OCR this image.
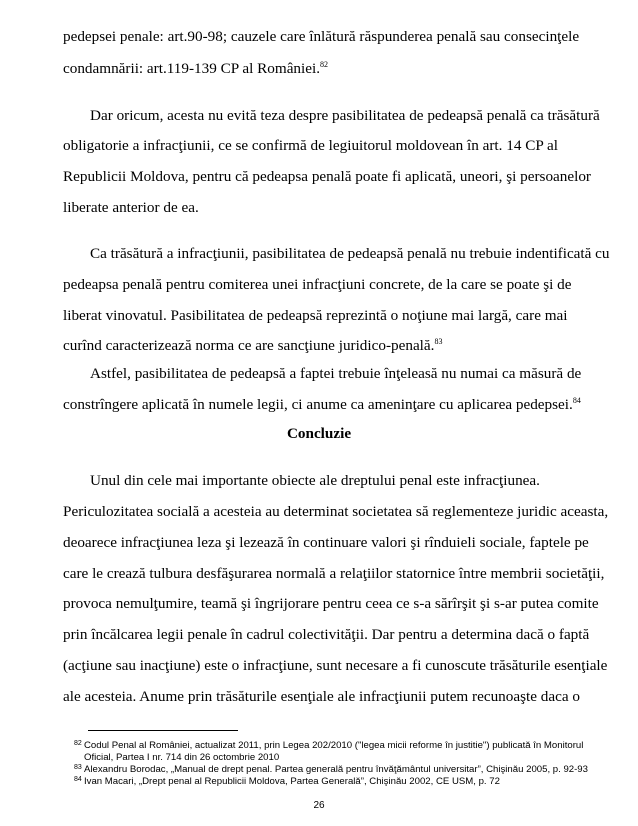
pedepsei penale: art.90-98; cauzele care înlătură răspunderea penală sau consecinţele
condamnării: art.119-139 CP al României.$^{82}$
Dar oricum, acesta nu evită teza despre pasibilitatea de pedeapsă penală ca trăsătură
obligatorie a infracţiunii, ce se confirmă de legiuitorul moldovean în art. 14 CP al
Republicii Moldova, pentru că pedeapsa penală poate fi aplicată, uneori, şi persoanelor
liberate anterior de ea.
Ca trăsătură a infracţiunii, pasibilitatea de pedeapsă penală nu trebuie indentificată cu
pedeapsa penală pentru comiterea unei infracţiuni concrete, de la care se poate şi de
liberat vinovatul. Pasibilitatea de pedeapsă reprezintă o noţiune mai largă, care mai
curînd caracterizează norma ce are sancţiune juridico-penală.$^{83}$
Astfel, pasibilitatea de pedeapsă a faptei trebuie înţeleasă nu numai ca măsură de
constrîngere aplicată în numele legii, ci anume ca ameninţare cu aplicarea pedepsei.$^{84}$
Concluzie
Unul din cele mai importante obiecte ale dreptului penal este infracţiunea.
Periculozitatea socială a acesteia au determinat societatea să reglementeze juridic aceasta,
deoarece infracţiunea leza şi lezează în continuare valori şi rînduieli sociale, faptele pe
care le crează tulbura desfăşurarea normală a relaţiilor statornice între membrii societăţii,
provoca nemulţumire, teamă şi îngrijorare pentru ceea ce s-a sărîrşit şi s-ar putea comite
prin încălcarea legii penale în cadrul colectivităţii. Dar pentru a determina dacă o faptă
(acţiune sau inacţiune) este o infracţiune, sunt necesare a fi cunoscute trăsăturile esenţiale
ale acesteia. Anume prin trăsăturile esenţiale ale infracţiunii putem recunoaşte daca o
82 Codul Penal al României, actualizat 2011, prin Legea 202/2010 ("legea micii reforme în justitie") publicată în Monitorul
Oficial, Partea I nr. 714 din 26 octombrie 2010
83 Alexandru Borodac, „Manual de drept penal. Partea generală pentru învăţământul universitar”, Chişinău 2005, p. 92-93
84 Ivan Macari, „Drept penal al Republicii Moldova, Partea Generală”, Chişinău 2002, CE USM, p. 72
26
